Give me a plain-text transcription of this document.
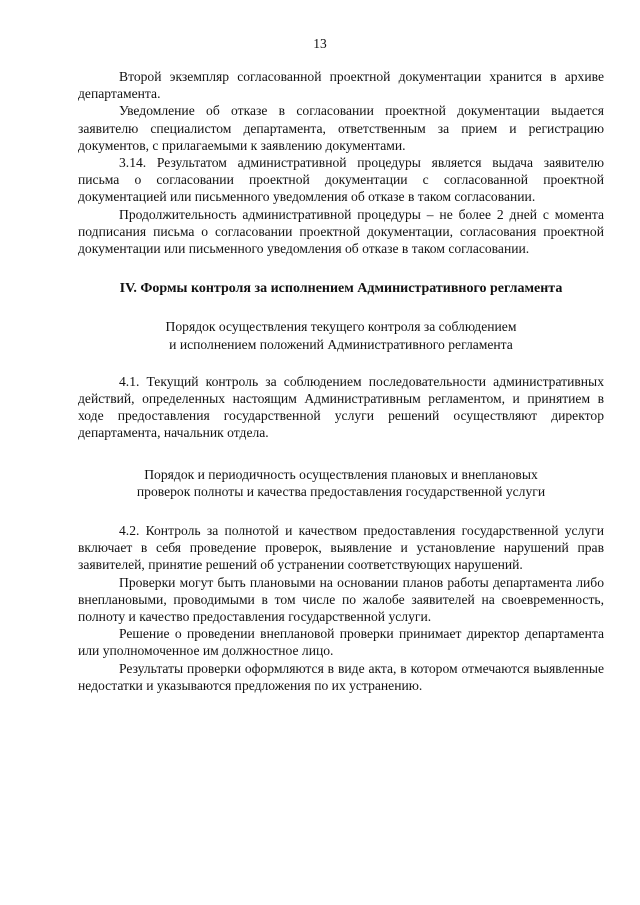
13

Второй экземпляр согласованной проектной документации хранится в архиве департамента.

Уведомление об отказе в согласовании проектной документации выдается заявителю специалистом департамента, ответственным за прием и регистрацию документов, с прилагаемыми к заявлению документами.

3.14. Результатом административной процедуры является выдача заявителю письма о согласовании проектной документации с согласованной проектной документацией или письменного уведомления об отказе в таком согласовании.

Продолжительность административной процедуры – не более 2 дней с момента подписания письма о согласовании проектной документации, согласования проектной документации или письменного уведомления об отказе в таком согласовании.

IV. Формы контроля за исполнением Административного регламента

Порядок осуществления текущего контроля за соблюдением
и исполнением положений Административного регламента

4.1. Текущий контроль за соблюдением последовательности административных действий, определенных настоящим Административным регламентом, и принятием в ходе предоставления государственной услуги решений осуществляют директор департамента, начальник отдела.

Порядок и периодичность осуществления плановых и внеплановых
проверок полноты и качества предоставления государственной услуги

4.2. Контроль за полнотой и качеством предоставления государственной услуги включает в себя проведение проверок, выявление и установление нарушений прав заявителей, принятие решений об устранении соответствующих нарушений.

Проверки могут быть плановыми на основании планов работы департамента либо внеплановыми, проводимыми в том числе по жалобе заявителей на своевременность, полноту и качество предоставления государственной услуги.

Решение о проведении внеплановой проверки принимает директор департамента или уполномоченное им должностное лицо.

Результаты проверки оформляются в виде акта, в котором отмечаются выявленные недостатки и указываются предложения по их устранению.
